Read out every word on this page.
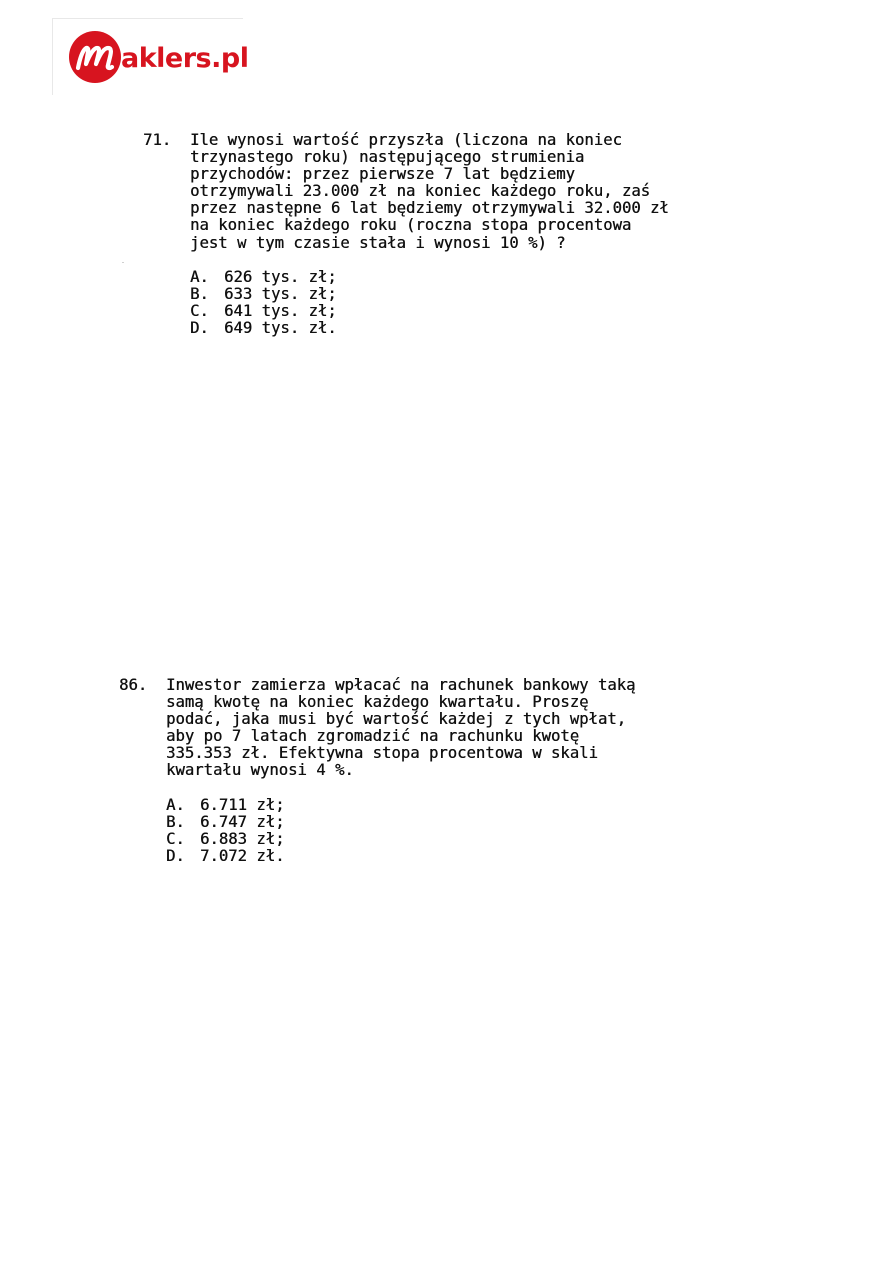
aklers.pl
71. Ile wynosi wartość przyszła (liczona na koniec
trzynastego roku) następującego strumienia
przychodów: przez pierwsze 7 lat będziemy
otrzymywali 23.000 zł na koniec każdego roku, zaś
przez następne 6 lat będziemy otrzymywali 32.000 zł
na koniec każdego roku (roczna stopa procentowa
jest w tym czasie stała i wynosi 10 %) ?
A. 626 tys. zł;
B. 633 tys. zł;
C. 641 tys. zł;
D. 649 tys. zł.
86. Inwestor zamierza wpłacać na rachunek bankowy taką
samą kwotę na koniec każdego kwartału. Proszę
podać, jaka musi być wartość każdej z tych wpłat,
aby po 7 latach zgromadzić na rachunku kwotę
335.353 zł. Efektywna stopa procentowa w skali
kwartału wynosi 4 %.
A. 6.711 zł;
B. 6.747 zł;
C. 6.883 zł;
D. 7.072 zł.
